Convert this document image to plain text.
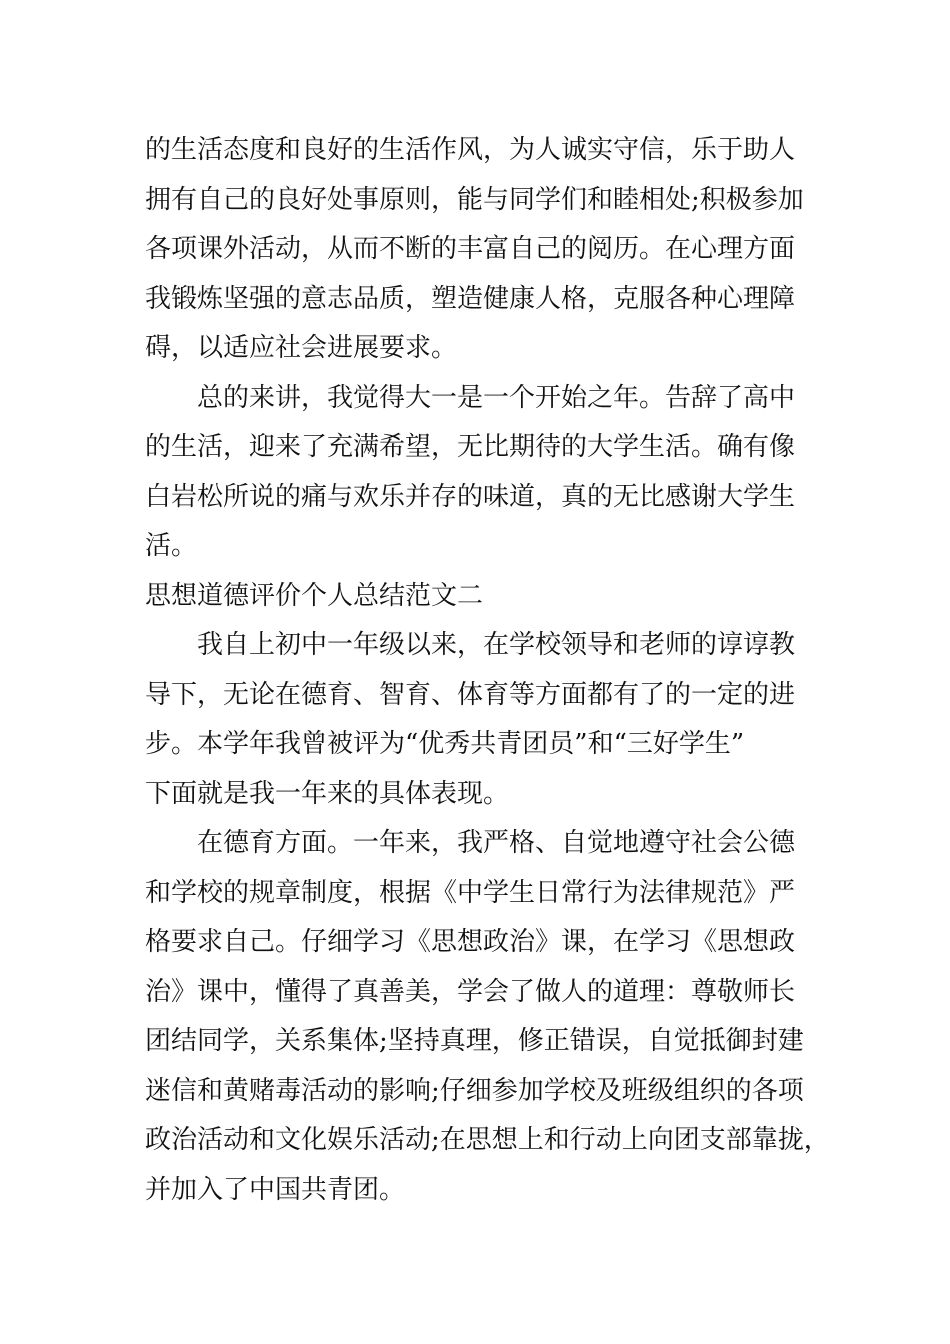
的生活态度和良好的生活作风，为人诚实守信，乐于助人
拥有自己的良好处事原则，能与同学们和睦相处;积极参加
各项课外活动，从而不断的丰富自己的阅历。在心理方面
我锻炼坚强的意志品质，塑造健康人格，克服各种心理障
碍，以适应社会进展要求。
总的来讲，我觉得大一是一个开始之年。告辞了高中
的生活，迎来了充满希望，无比期待的大学生活。确有像
白岩松所说的痛与欢乐并存的味道，真的无比感谢大学生
活。
思想道德评价个人总结范文二
我自上初中一年级以来，在学校领导和老师的谆谆教
导下，无论在德育、智育、体育等方面都有了的一定的进
步。本学年我曾被评为“优秀共青团员”和“三好学生”
下面就是我一年来的具体表现。
在德育方面。一年来，我严格、自觉地遵守社会公德
和学校的规章制度，根据《中学生日常行为法律规范》严
格要求自己。仔细学习《思想政治》课，在学习《思想政
治》课中，懂得了真善美，学会了做人的道理：尊敬师长
团结同学，关系集体;坚持真理，修正错误，自觉抵御封建
迷信和黄赌毒活动的影响;仔细参加学校及班级组织的各项
政治活动和文化娱乐活动;在思想上和行动上向团支部靠拢，
并加入了中国共青团。
